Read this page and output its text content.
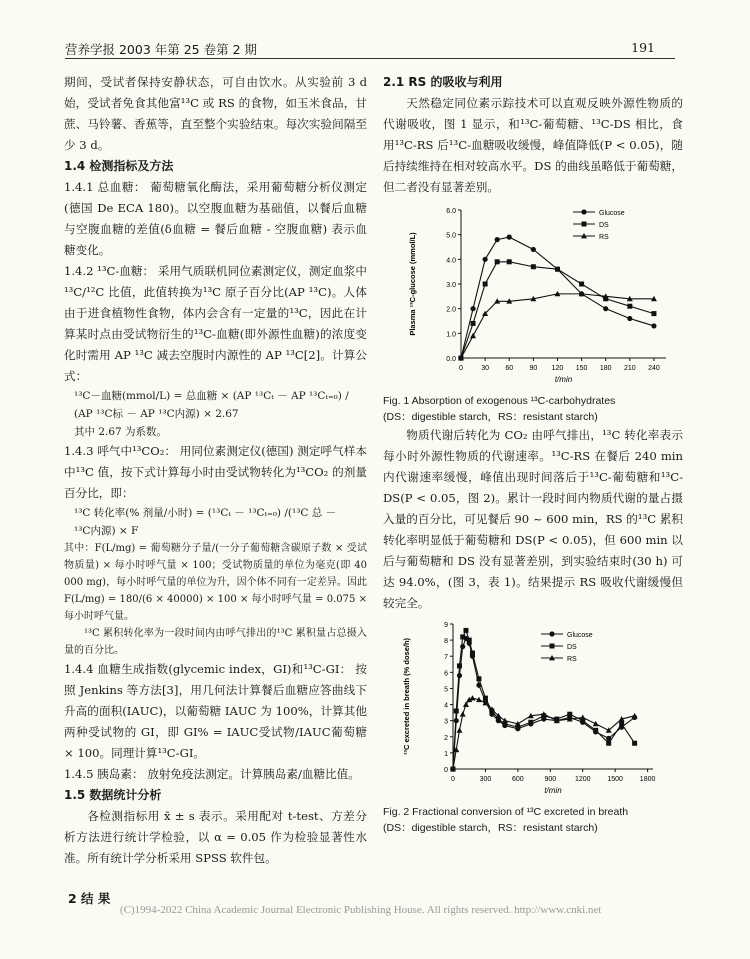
营养学报 2003 年第 25 卷第 2 期	191

期间，受试者保持安静状态，可自由饮水。从实验前 3 d 始，受试者免食其他富¹³C 或 RS 的食物，如玉米食品，甘蔗、马铃薯、香蕉等，直至整个实验结束。每次实验间隔至少 3 d。

1.4 检测指标及方法

1.4.1 总血糖： 葡萄糖氧化酶法，采用葡萄糖分析仪测定(德国 De ECA 180)。以空腹血糖为基础值，以餐后血糖与空腹血糖的差值(δ血糖 = 餐后血糖 - 空腹血糖) 表示血糖变化。

1.4.2 ¹³C-血糖： 采用气质联机同位素测定仪，测定血浆中¹³C/¹²C 比值，此值转换为¹³C 原子百分比(AP ¹³C)。人体由于进食植物性食物，体内会含有一定量的¹³C，因此在计算某时点由受试物衍生的¹³C-血糖(即外源性血糖)的浓度变化时需用 AP ¹³C 减去空腹时内源性的 AP ¹³C[2]。计算公式：

¹³C－血糖(mmol/L) = 总血糖 × (AP ¹³Cₜ － AP ¹³Cₜ₌₀) /

(AP ¹³C标 － AP ¹³C内源) × 2.67

其中 2.67 为系数。

1.4.3 呼气中¹³CO₂： 用同位素测定仪(德国) 测定呼气样本中¹³C 值，按下式计算每小时由受试物转化为¹³CO₂ 的剂量百分比，即：

¹³C 转化率(% 剂量/小时) = (¹³Cₜ － ¹³Cₜ₌₀) /(¹³C 总 －

¹³C内源) × F

其中：F(L/mg) = 葡萄糖分子量/(一分子葡萄糖含碳原子数 × 受试物质量) × 每小时呼气量 × 100；受试物质量的单位为毫克(即 40 000 mg)，每小时呼气量的单位为升，因个体不同有一定差异。因此 F(L/mg) = 180/(6 × 40000) × 100 × 每小时呼气量 = 0.075 × 每小时呼气量。

¹³C 累积转化率为一段时间内由呼气排出的¹³C 累积量占总摄入量的百分比。

1.4.4 血糖生成指数(glycemic index，GI)和¹³C-GI： 按照 Jenkins 等方法[3]，用几何法计算餐后血糖应答曲线下升高的面积(IAUC)，以葡萄糖 IAUC 为 100%，计算其他两种受试物的 GI，即 GI% = IAUC受试物/IAUC葡萄糖 × 100。同理计算¹³C-GI。

1.4.5 胰岛素： 放射免疫法测定。计算胰岛素/血糖比值。

1.5 数据统计分析

各检测指标用 x̄ ± s 表示。采用配对 t-test、方差分析方法进行统计学检验，以 α = 0.05 作为检验显著性水准。所有统计学分析采用 SPSS 软件包。

2.1 RS 的吸收与利用

天然稳定同位素示踪技术可以直观反映外源性物质的代谢吸收，图 1 显示，和¹³C-葡萄糖、¹³C-DS 相比，食用¹³C-RS 后¹³C-血糖吸收缓慢，峰值降低(P < 0.05)，随后持续维持在相对较高水平。DS 的曲线虽略低于葡萄糖，但二者没有显著差别。

0.0
1.0
2.0
3.0
4.0
5.0
6.0
0	30 60 90 120 150 180 210 240
t/min
Plasma ¹³C-glucose (mmol/L)
Glucose
DS
RS

Fig. 1 Absorption of exogenous ¹³C-carbohydrates

(DS：digestible starch，RS：resistant starch)

物质代谢后转化为 CO₂ 由呼气排出，¹³C 转化率表示每小时外源性物质的代谢速率。¹³C-RS 在餐后 240 min 内代谢速率缓慢，峰值出现时间落后于¹³C-葡萄糖和¹³C-DS(P < 0.05，图 2)。累计一段时间内物质代谢的量占摄入量的百分比，可见餐后 90 ~ 600 min，RS 的¹³C 累积转化率明显低于葡萄糖和 DS(P < 0.05)，但 600 min 以后与葡萄糖和 DS 没有显著差别，到实验结束时(30 h) 可达 94.0%，(图 3，表 1)。结果提示 RS 吸收代谢缓慢但较完全。

0
1
2
3
4
5
6
7
8
9
0	300	600	900	1200 1500 1800
t/min
¹³C excreted in breath (% dose/h)
Glucose
DS
RS

Fig. 2 Fractional conversion of ¹³C excreted in breath

(DS：digestible starch，RS：resistant starch)

2 结 果
(C)1994-2022 China Academic Journal Electronic Publishing House. All rights reserved. http://www.cnki.net
